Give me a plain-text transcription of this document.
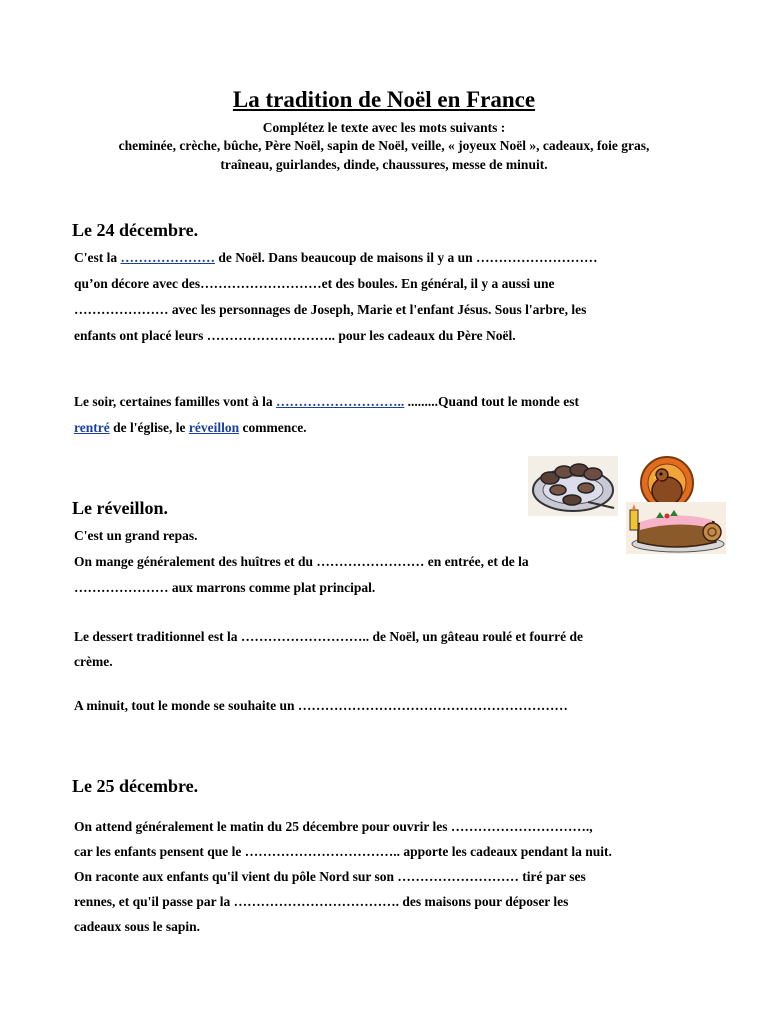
La tradition de Noël en France
Complétez le texte avec les mots suivants :
cheminée, crèche, bûche, Père Noël, sapin de Noël, veille, « joyeux Noël », cadeaux, foie gras,
traîneau, guirlandes, dinde, chaussures, messe de minuit.
Le 24 décembre.
C'est la ………………… de Noël. Dans beaucoup de maisons il y a un ………………………
qu’on décore avec des………………………et des boules. En général, il y a aussi une
………………… avec les personnages de Joseph, Marie et l'enfant Jésus. Sous l'arbre, les
enfants ont placé leurs ……………………….. pour les cadeaux du Père Noël.
Le soir, certaines familles vont à la ……………………….. .........Quand tout le monde est
rentré de l'église, le réveillon commence.
Le réveillon.
C'est un grand repas.
On mange généralement des huîtres et du …………………… en entrée, et de la
………………… aux marrons comme plat principal.
Le dessert traditionnel est la ……………………….. de Noël, un gâteau roulé et fourré de
crème.
A minuit, tout le monde se souhaite un ……………………………………………………
Le 25 décembre.
On attend généralement le matin du 25 décembre pour ouvrir les ………………………….,
car les enfants pensent que le …………………………….. apporte les cadeaux pendant la nuit.
On raconte aux enfants qu'il vient du pôle Nord sur son ……………………… tiré par ses
rennes, et qu'il passe par la ………………………………. des maisons pour déposer les
cadeaux sous le sapin.
